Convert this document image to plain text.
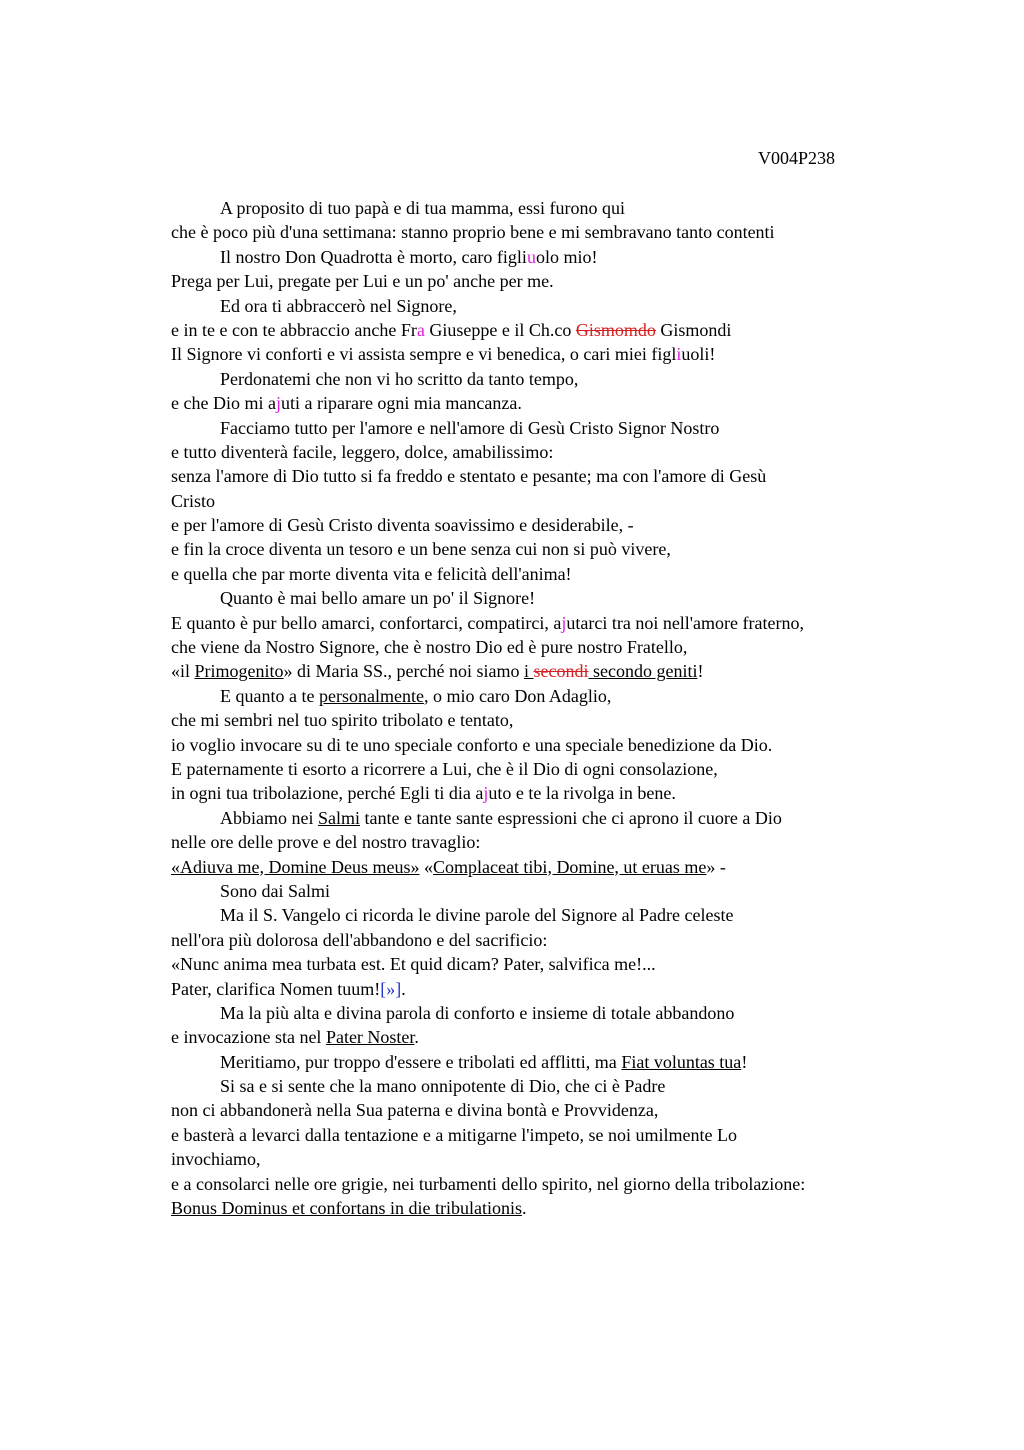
V004P238
A proposito di tuo papà e di tua mamma, essi furono qui
che è poco più d'una settimana: stanno proprio bene e mi sembravano tanto contenti
Il nostro Don Quadrotta è morto, caro figliuolo mio!
Prega per Lui, pregate per Lui e un po' anche per me.
Ed ora ti abbraccerò nel Signore,
e in te e con te abbraccio anche Fra Giuseppe e il Ch.co Gismomdo Gismondi
Il Signore vi conforti e vi assista sempre e vi benedica, o cari miei figliuoli!
Perdonatemi che non vi ho scritto da tanto tempo,
e che Dio mi ajuti a riparare ogni mia mancanza.
Facciamo tutto per l'amore e nell'amore di Gesù Cristo Signor Nostro
e tutto diventerà facile, leggero, dolce, amabilissimo:
senza l'amore di Dio tutto si fa freddo e stentato e pesante; ma con l'amore di Gesù
Cristo
e per l'amore di Gesù Cristo diventa soavissimo e desiderabile, -
e fin la croce diventa un tesoro e un bene senza cui non si può vivere,
e quella che par morte diventa vita e felicità dell'anima!
Quanto è mai bello amare un po' il Signore!
E quanto è pur bello amarci, confortarci, compatirci, ajutarci tra noi nell'amore fraterno,
che viene da Nostro Signore, che è nostro Dio ed è pure nostro Fratello,
«il Primogenito» di Maria SS., perché noi siamo i secondi secondo geniti!
E quanto a te personalmente, o mio caro Don Adaglio,
che mi sembri nel tuo spirito tribolato e tentato,
io voglio invocare su di te uno speciale conforto e una speciale benedizione da Dio.
E paternamente ti esorto a ricorrere a Lui, che è il Dio di ogni consolazione,
in ogni tua tribolazione, perché Egli ti dia ajuto e te la rivolga in bene.
Abbiamo nei Salmi tante e tante sante espressioni che ci aprono il cuore a Dio
nelle ore delle prove e del nostro travaglio:
«Adiuva me, Domine Deus meus» «Complaceat tibi, Domine, ut eruas me» -
Sono dai Salmi
Ma il S. Vangelo ci ricorda le divine parole del Signore al Padre celeste
nell'ora più dolorosa dell'abbandono e del sacrificio:
«Nunc anima mea turbata est. Et quid dicam? Pater, salvifica me!...
Pater, clarifica Nomen tuum![»].
Ma la più alta e divina parola di conforto e insieme di totale abbandono
e invocazione sta nel Pater Noster.
Meritiamo, pur troppo d'essere e tribolati ed afflitti, ma Fiat voluntas tua!
Si sa e si sente che la mano onnipotente di Dio, che ci è Padre
non ci abbandonerà nella Sua paterna e divina bontà e Provvidenza,
e basterà a levarci dalla tentazione e a mitigarne l'impeto, se noi umilmente Lo
invochiamo,
e a consolarci nelle ore grigie, nei turbamenti dello spirito, nel giorno della tribolazione:
Bonus Dominus et confortans in die tribulationis.
